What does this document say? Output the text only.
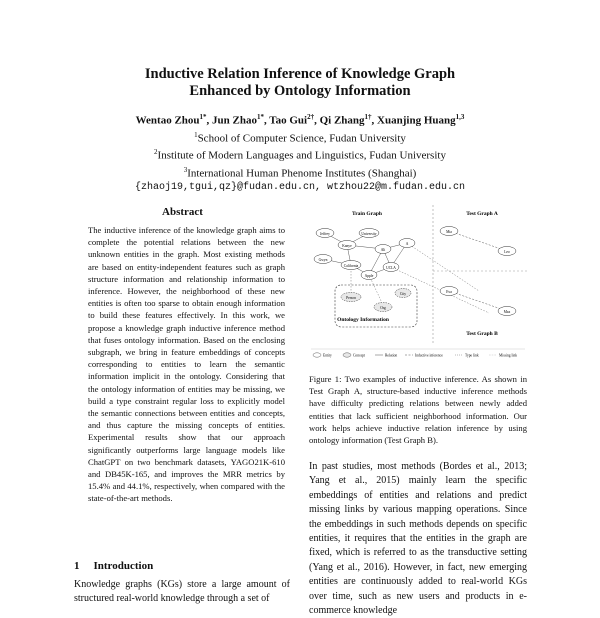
Inductive Relation Inference of Knowledge Graph
Enhanced by Ontology Information
Wentao Zhou$^{1*}$, Jun Zhao$^{1*}$, Tao Gui$^{2\dagger}$, Qi Zhang$^{1\dagger}$, Xuanjing Huang$^{1,3}$
$^1$School of Computer Science, Fudan University
$^2$Institute of Modern Languages and Linguistics, Fudan University
$^3$International Human Phenome Institutes (Shanghai)
{zhaoj19,tgui,qz}@fudan.edu.cn, wtzhou22@m.fudan.edu.cn
Abstract
The inductive inference of the knowledge graph aims to complete the potential relations between the new unknown entities in the graph. Most existing methods are based on entity-independent features such as graph structure information and relationship information to inference. However, the neighborhood of these new entities is often too sparse to obtain enough information to build these features effectively. In this work, we propose a knowledge graph inductive inference method that fuses ontology information. Based on the enclosing subgraph, we bring in feature embeddings of concepts corresponding to entities to learn the semantic information implicit in the ontology. Considering that the ontology information of entities may be missing, we build a type constraint regular loss to explicitly model the semantic connections between entities and concepts, and thus capture the missing concepts of entities. Experimental results show that our approach significantly outperforms large language models like ChatGPT on two benchmark datasets, YAGO21K-610 and DB45K-165, and improves the MRR metrics by 15.4% and 44.1%, respectively, when compared with the state-of-the-art methods.
1 Introduction
Knowledge graphs (KGs) store a large amount of structured real-world knowledge through a set of
Train Graph	Test Graph A
Test Graph B
Ontology Information
Jeffrey	University
Kanye
Ali
A
Gwyn
California	UCLA
Apple
Person
Org
City
Mia
Leo
Eva
Max
Entity	Concept	Relation	Inductive inference	Type link	Missing link
Figure 1: Two examples of inductive inference. As shown in Test Graph A, structure-based inductive inference methods have difficulty predicting relations between newly added entities that lack sufficient neighborhood information. Our work helps achieve inductive relation inference by using ontology information (Test Graph B).
In past studies, most methods (Bordes et al., 2013; Yang et al., 2015) mainly learn the specific embeddings of entities and relations and predict missing links by various mapping operations. Since the embeddings in such methods depends on specific entities, it requires that the entities in the graph are fixed, which is referred to as the transductive setting (Yang et al., 2016). However, in fact, new emerging entities are continuously added to real-world KGs over time, such as new users and products in e-commerce knowledge
